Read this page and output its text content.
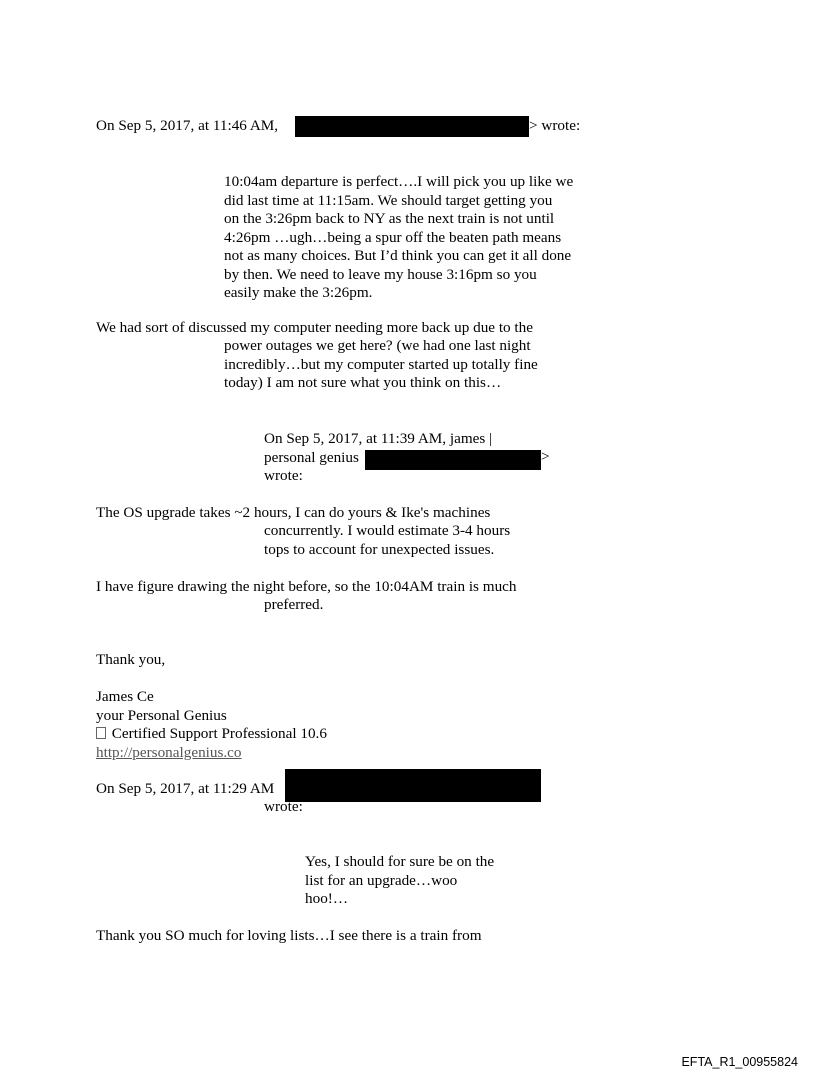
On Sep 5, 2017, at 11:46 AM,	> wrote:
10:04am departure is perfect….I will pick you up like we
did last time at 11:15am. We should target getting you
on the 3:26pm back to NY as the next train is not until
4:26pm …ugh…being a spur off the beaten path means
not as many choices. But I’d think you can get it all done
by then. We need to leave my house 3:16pm so you
easily make the 3:26pm.
We had sort of discussed my computer needing more back up due to the
power outages we get here? (we had one last night
incredibly…but my computer started up totally fine
today) I am not sure what you think on this…
On Sep 5, 2017, at 11:39 AM, james |
personal genius
wrote:
>
The OS upgrade takes ~2 hours, I can do yours & Ike's machines
concurrently. I would estimate 3-4 hours
tops to account for unexpected issues.
I have figure drawing the night before, so the 10:04AM train is much
preferred.
Thank you,
James Ce
your Personal Genius
Certified Support Professional 10.6
http://personalgenius.co
On Sep 5, 2017, at 11:29 AM
wrote:
Yes, I should for sure be on the
list for an upgrade…woo
hoo!…
Thank you SO much for loving lists…I see there is a train from
EFTA_R1_00955824
